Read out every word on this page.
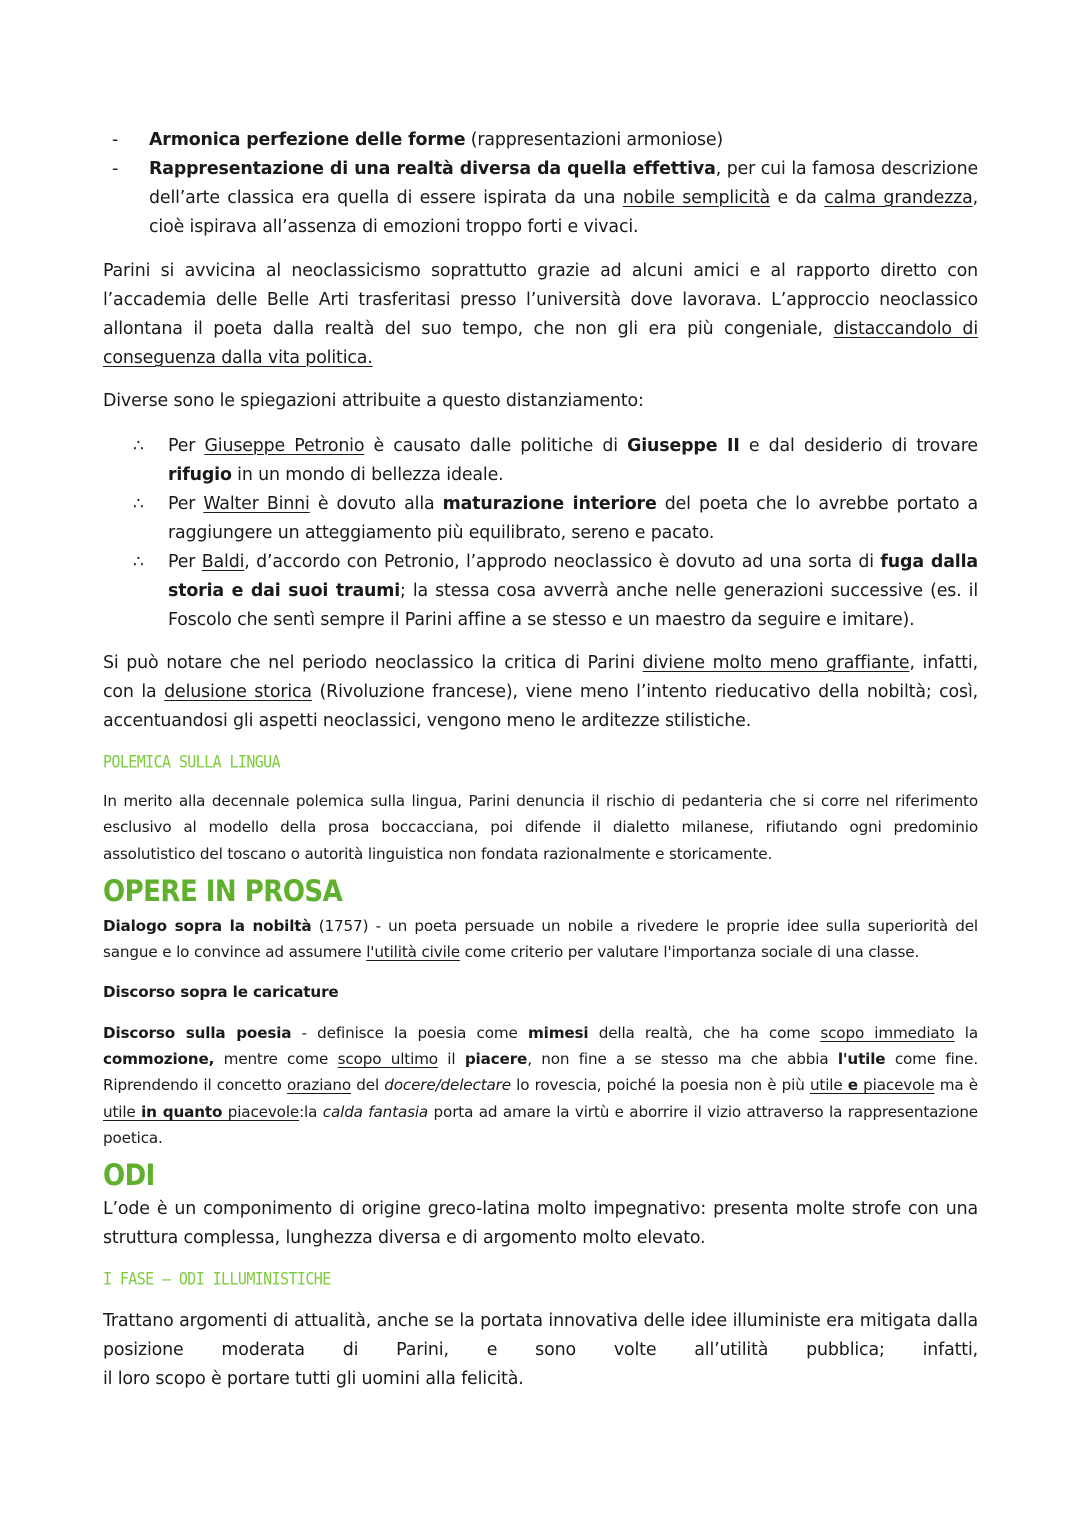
- Armonica perfezione delle forme (rappresentazioni armoniose)
- Rappresentazione di una realtà diversa da quella effettiva, per cui la famosa descrizione dell’arte classica era quella di essere ispirata da una nobile semplicità e da calma grandezza, cioè ispirava all’assenza di emozioni troppo forti e vivaci.

Parini si avvicina al neoclassicismo soprattutto grazie ad alcuni amici e al rapporto diretto con l’accademia delle Belle Arti trasferitasi presso l’università dove lavorava. L’approccio neoclassico allontana il poeta dalla realtà del suo tempo, che non gli era più congeniale, distaccandolo di conseguenza dalla vita politica.

Diverse sono le spiegazioni attribuite a questo distanziamento:

∴ Per Giuseppe Petronio è causato dalle politiche di Giuseppe II e dal desiderio di trovare rifugio in un mondo di bellezza ideale.
∴ Per Walter Binni è dovuto alla maturazione interiore del poeta che lo avrebbe portato a raggiungere un atteggiamento più equilibrato, sereno e pacato.
∴ Per Baldi, d’accordo con Petronio, l’approdo neoclassico è dovuto ad una sorta di fuga dalla storia e dai suoi traumi; la stessa cosa avverrà anche nelle generazioni successive (es. il Foscolo che sentì sempre il Parini affine a se stesso e un maestro da seguire e imitare).

Si può notare che nel periodo neoclassico la critica di Parini diviene molto meno graffiante, infatti, con la delusione storica (Rivoluzione francese), viene meno l’intento rieducativo della nobiltà; così, accentuandosi gli aspetti neoclassici, vengono meno le arditezze stilistiche.

POLEMICA SULLA LINGUA

In merito alla decennale polemica sulla lingua, Parini denuncia il rischio di pedanteria che si corre nel riferimento esclusivo al modello della prosa boccacciana, poi difende il dialetto milanese, rifiutando ogni predominio assolutistico del toscano o autorità linguistica non fondata razionalmente e storicamente.

OPERE IN PROSA

Dialogo sopra la nobiltà (1757) - un poeta persuade un nobile a rivedere le proprie idee sulla superiorità del sangue e lo convince ad assumere l'utilità civile come criterio per valutare l'importanza sociale di una classe.

Discorso sopra le caricature

Discorso sulla poesia - definisce la poesia come mimesi della realtà, che ha come scopo immediato la commozione, mentre come scopo ultimo il piacere, non fine a se stesso ma che abbia l'utile come fine. Riprendendo il concetto oraziano del docere/delectare lo rovescia, poiché la poesia non è più utile e piacevole ma è utile in quanto piacevole:la calda fantasia porta ad amare la virtù e aborrire il vizio attraverso la rappresentazione poetica.

ODI

L’ode è un componimento di origine greco-latina molto impegnativo: presenta molte strofe con una struttura complessa, lunghezza diversa e di argomento molto elevato.

I FASE – ODI ILLUMINISTICHE

Trattano argomenti di attualità, anche se la portata innovativa delle idee illuministe era mitigata dalla posizione moderata di Parini, e sono volte all’utilità pubblica; infatti,
il loro scopo è portare tutti gli uomini alla felicità.
